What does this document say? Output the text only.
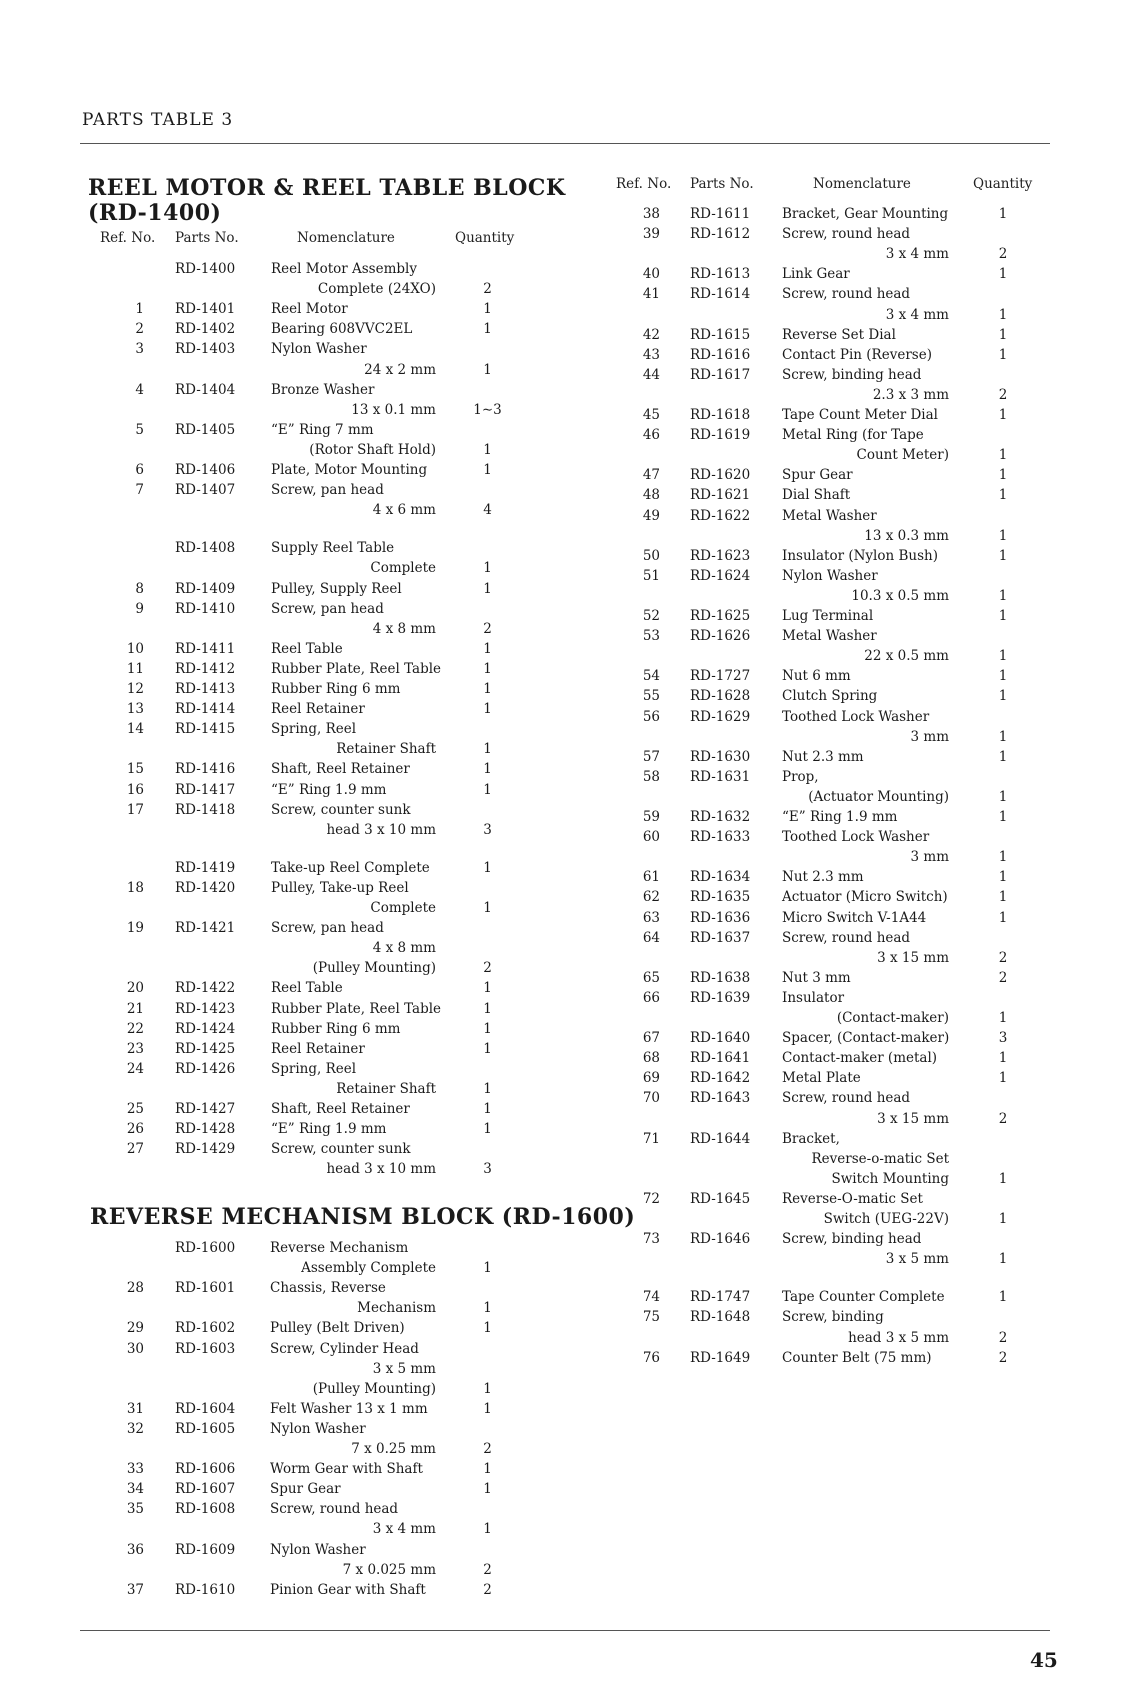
PARTS TABLE 3
REEL MOTOR & REEL TABLE BLOCK
(RD-1400)
Ref. No. Parts No.	Nomenclature	Quantity
RD-1400	Reel Motor Assembly
Complete (24XO)	2
1 RD-1401	Reel Motor	1
2 RD-1402	Bearing 608VVC2EL	1
3 RD-1403	Nylon Washer
24 x 2 mm	1
4 RD-1404	Bronze Washer
13 x 0.1 mm	1∼3
5 RD-1405	“E” Ring 7 mm
(Rotor Shaft Hold)	1
6 RD-1406	Plate, Motor Mounting	1
7 RD-1407	Screw, pan head
4 x 6 mm	4
RD-1408	Supply Reel Table
Complete	1
8 RD-1409	Pulley, Supply Reel	1
9 RD-1410	Screw, pan head
4 x 8 mm	2
10 RD-1411	Reel Table	1
11 RD-1412	Rubber Plate, Reel Table	1
12 RD-1413	Rubber Ring 6 mm	1
13 RD-1414	Reel Retainer	1
14 RD-1415	Spring, Reel
Retainer Shaft	1
15 RD-1416	Shaft, Reel Retainer	1
16 RD-1417	“E” Ring 1.9 mm	1
17 RD-1418	Screw, counter sunk
head 3 x 10 mm	3
RD-1419	Take-up Reel Complete	1
18 RD-1420	Pulley, Take-up Reel
Complete	1
19 RD-1421	Screw, pan head
4 x 8 mm
(Pulley Mounting)	2
20 RD-1422	Reel Table	1
21 RD-1423	Rubber Plate, Reel Table	1
22 RD-1424	Rubber Ring 6 mm	1
23 RD-1425	Reel Retainer	1
24 RD-1426	Spring, Reel
Retainer Shaft	1
25 RD-1427	Shaft, Reel Retainer	1
26 RD-1428	“E” Ring 1.9 mm	1
27 RD-1429	Screw, counter sunk
head 3 x 10 mm	3
REVERSE MECHANISM BLOCK (RD-1600)
RD-1600	Reverse Mechanism
Assembly Complete	1
28 RD-1601	Chassis, Reverse
Mechanism	1
29 RD-1602	Pulley (Belt Driven)	1
30 RD-1603	Screw, Cylinder Head
3 x 5 mm
(Pulley Mounting)	1
31 RD-1604	Felt Washer 13 x 1 mm	1
32 RD-1605	Nylon Washer
7 x 0.25 mm	2
33 RD-1606	Worm Gear with Shaft	1
34 RD-1607	Spur Gear	1
35 RD-1608	Screw, round head
3 x 4 mm	1
36 RD-1609	Nylon Washer
7 x 0.025 mm	2
37 RD-1610	Pinion Gear with Shaft	2
Ref. No. Parts No.	Nomenclature	Quantity
38 RD-1611 Bracket, Gear Mounting	1
39 RD-1612 Screw, round head
3 x 4 mm	2
40 RD-1613 Link Gear	1
41 RD-1614 Screw, round head
3 x 4 mm	1
42 RD-1615 Reverse Set Dial	1
43 RD-1616 Contact Pin (Reverse)	1
44 RD-1617 Screw, binding head
2.3 x 3 mm	2
45 RD-1618 Tape Count Meter Dial	1
46 RD-1619 Metal Ring (for Tape
Count Meter)	1
47 RD-1620 Spur Gear	1
48 RD-1621 Dial Shaft	1
49 RD-1622 Metal Washer
13 x 0.3 mm	1
50 RD-1623 Insulator (Nylon Bush)	1
51 RD-1624 Nylon Washer
10.3 x 0.5 mm	1
52 RD-1625 Lug Terminal	1
53 RD-1626 Metal Washer
22 x 0.5 mm	1
54 RD-1727 Nut 6 mm	1
55 RD-1628 Clutch Spring	1
56 RD-1629 Toothed Lock Washer
3 mm	1
57 RD-1630 Nut 2.3 mm	1
58 RD-1631 Prop,
(Actuator Mounting)	1
59 RD-1632 “E” Ring 1.9 mm	1
60 RD-1633 Toothed Lock Washer
3 mm	1
61 RD-1634 Nut 2.3 mm	1
62 RD-1635 Actuator (Micro Switch)	1
63 RD-1636 Micro Switch V-1A44	1
64 RD-1637 Screw, round head
3 x 15 mm	2
65 RD-1638 Nut 3 mm	2
66 RD-1639 Insulator
(Contact-maker)	1
67 RD-1640 Spacer, (Contact-maker)	3
68 RD-1641 Contact-maker (metal)	1
69 RD-1642 Metal Plate	1
70 RD-1643 Screw, round head
3 x 15 mm	2
71 RD-1644 Bracket,
Reverse-o-matic Set
Switch Mounting	1
72 RD-1645 Reverse-O-matic Set
Switch (UEG-22V)	1
73 RD-1646 Screw, binding head
3 x 5 mm	1
74 RD-1747 Tape Counter Complete	1
75 RD-1648 Screw, binding
head 3 x 5 mm	2
76 RD-1649 Counter Belt (75 mm)	2
45
